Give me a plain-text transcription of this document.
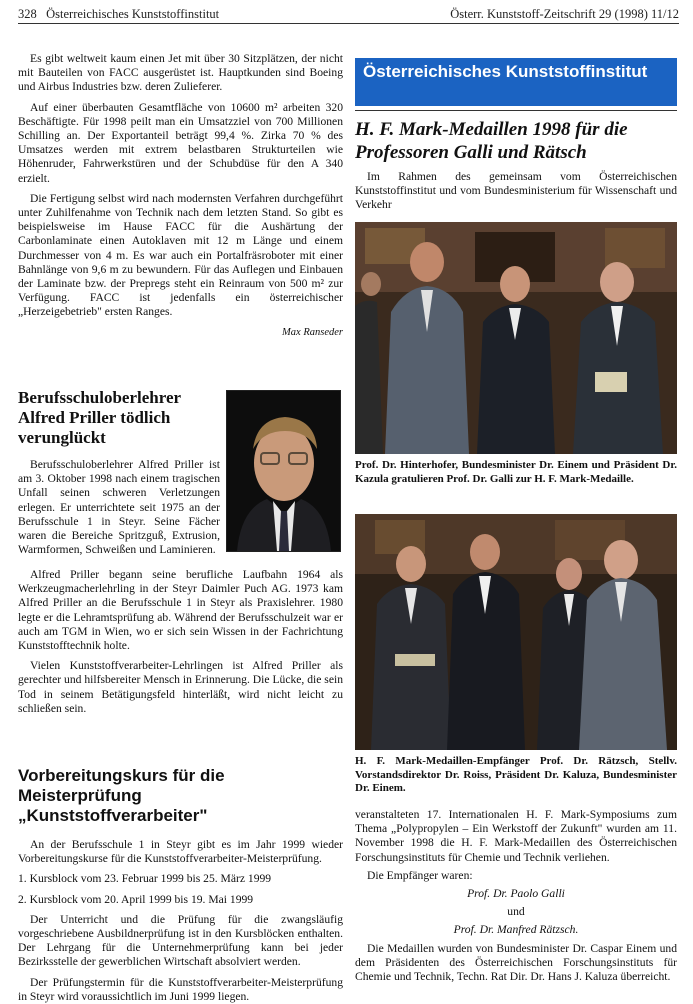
328 Österreichisches Kunststoffinstitut	Österr. Kunststoff-Zeitschrift 29 (1998) 11/12

Es gibt weltweit kaum einen Jet mit über 30 Sitzplätzen, der nicht mit Bauteilen von FACC ausgerüstet ist. Hauptkunden sind Boeing und Airbus Industries bzw. deren Zulieferer.

Auf einer überbauten Gesamtfläche von 10600 m² arbeiten 320 Beschäftigte. Für 1998 peilt man ein Umsatzziel von 700 Millionen Schilling an. Der Exportanteil beträgt 99,4 %. Zirka 70 % des Umsatzes werden mit extrem belastbaren Strukturteilen wie Höhenruder, Fahrwerkstüren und der Schubdüse für den A 340 erzielt.

Die Fertigung selbst wird nach modernsten Verfahren durchgeführt unter Zuhilfenahme von Technik nach dem letzten Stand. So gibt es beispielsweise im Hause FACC für die Aushärtung der Carbonlaminate einen Autoklaven mit 12 m Länge und einem Durchmesser von 4 m. Es war auch ein Portalfräsroboter mit einer Bahnlänge von 9,6 m zu bewundern. Für das Auflegen und Einbauen der Laminate bzw. der Prepregs steht ein Reinraum von 500 m² zur Verfügung. FACC ist jedenfalls ein österreichischer „Herzeigebetrieb" ersten Ranges.

Max Ranseder

Berufsschuloberlehrer Alfred Priller tödlich verunglückt

Berufsschuloberlehrer Alfred Priller ist am 3. Oktober 1998 nach einem tragischen Unfall seinen schweren Verletzungen erlegen. Er unterrichtete seit 1975 an der Berufsschule 1 in Steyr. Seine Fächer waren die Bereiche Spritzguß, Extrusion, Warmformen, Schweißen und Laminieren.

Alfred Priller begann seine berufliche Laufbahn 1964 als Werkzeugmacherlehrling in der Steyr Daimler Puch AG. 1973 kam Alfred Priller an die Berufsschule 1 in Steyr als Praxislehrer. 1980 legte er die Lehramtsprüfung ab. Während der Berufsschulzeit war er auch am TGM in Wien, wo er sich sein Wissen in der Fachrichtung Kunststofftechnik holte.

Vielen Kunststoffverarbeiter-Lehrlingen ist Alfred Priller als gerechter und hilfsbereiter Mensch in Erinnerung. Die Lücke, die sein Tod in seinem Betätigungsfeld hinterläßt, wird nicht leicht zu schließen sein.

Vorbereitungskurs für die Meisterprüfung „Kunststoffverarbeiter"

An der Berufsschule 1 in Steyr gibt es im Jahr 1999 wieder Vorbereitungskurse für die Kunststoffverarbeiter-Meisterprüfung.

1. Kursblock vom 23. Februar 1999 bis 25. März 1999

2. Kursblock vom 20. April 1999 bis 19. Mai 1999

Der Unterricht und die Prüfung für die zwangsläufig vorgeschriebene Ausbildnerprüfung ist in den Kursblöcken enthalten. Der Lehrgang für die Unternehmerprüfung kann bei jeder Bezirksstelle der gewerblichen Wirtschaft absolviert werden.

Der Prüfungstermin für die Kunststoffverarbeiter-Meisterprüfung in Steyr wird voraussichtlich im Juni 1999 liegen.

Österreichisches Kunststoffinstitut
H. F. Mark-Medaillen 1998 für die Professoren Galli und Rätsch

Im Rahmen des gemeinsam vom Österreichischen Kunststoffinstitut und vom Bundesministerium für Wissenschaft und Verkehr

Prof. Dr. Hinterhofer, Bundesminister Dr. Einem und Präsident Dr. Kazula gratulieren Prof. Dr. Galli zur H. F. Mark-Medaille.

H. F. Mark-Medaillen-Empfänger Prof. Dr. Rätzsch, Stellv. Vorstandsdirektor Dr. Roiss, Präsident Dr. Kaluza, Bundesminister Dr. Einem.

veranstalteten 17. Internationalen H. F. Mark-Symposiums zum Thema „Polypropylen – Ein Werkstoff der Zukunft" wurden am 11. November 1998 die H. F. Mark-Medaillen des Österreichischen Forschungsinstituts für Chemie und Technik verliehen.

Die Empfänger waren:

Prof. Dr. Paolo Galli

und

Prof. Dr. Manfred Rätzsch.

Die Medaillen wurden von Bundesminister Dr. Caspar Einem und dem Präsidenten des Österreichischen Forschungsinstituts für Chemie und Technik, Techn. Rat Dir. Dr. Hans J. Kaluza überreicht.
